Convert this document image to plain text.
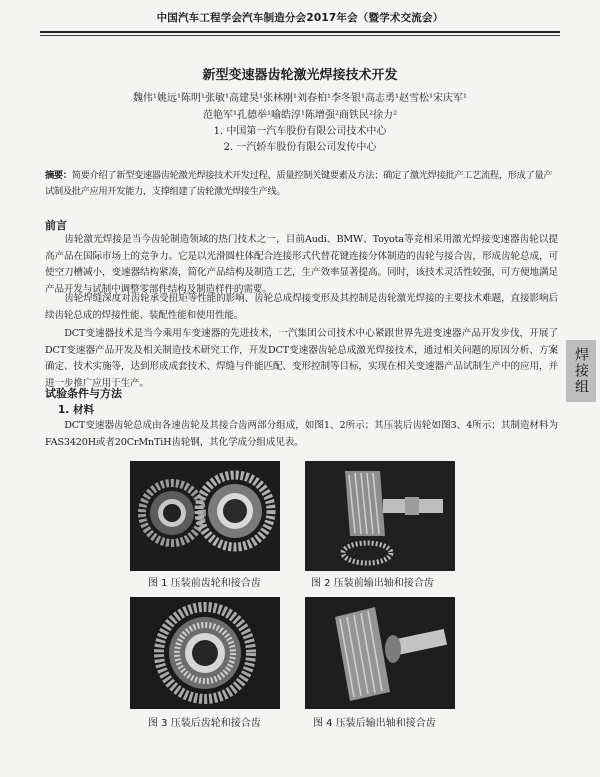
中国汽车工程学会汽车制造分会2017年会（暨学术交流会）
新型变速器齿轮激光焊接技术开发
魏伟¹姚远¹陈明¹张敏¹高建昊¹张林刚¹刘春柏¹李冬银¹高志勇¹赵雪松¹宋庆军¹
范艳军¹孔德举¹喻皓淳¹陈增强²商铁民²徐力²
1. 中国第一汽车股份有限公司技术中心
2. 一汽轿车股份有限公司发传中心
摘要：简要介绍了新型变速器齿轮激光焊接技术开发过程、质量控制关键要素及方法；确定了激光焊接批产工艺流程，形成了量产试制及批产应用开发能力，支撑组建了齿轮激光焊接生产线。
前言
齿轮激光焊接是当今齿轮制造领域的热门技术之一，目前Audi、BMW、Toyota等竞相采用激光焊接变速器齿轮以提高产品在国际市场上的竞争力。它是以光滑圆柱体配合连接形式代替花键连接分体制造的齿轮与接合齿，形成齿轮总成，可使空刀槽减小，变速器结构紧凑，简化产品结构及制造工艺，生产效率显著提高。同时，该技术灵活性较强，可方便地满足产品开发与试制中调整零部件结构及制造样件的需要。
齿轮焊缝深度对齿轮承受扭矩等性能的影响、齿轮总成焊接变形及其控制是齿轮激光焊接的主要技术难题，直接影响后续齿轮总成的焊接性能、装配性能和使用性能。
DCT变速器技术是当今乘用车变速器的先进技术，一汽集团公司技术中心紧跟世界先进变速器产品开发步伐，开展了DCT变速器产品开发及相关制造技术研究工作，开发DCT变速器齿轮总成激光焊接技术，通过相关问题的原因分析、方案确定、技术实施等，达到形成成套技术、焊缝与件能匹配、变形控制等目标，实现在相关变速器产品试制生产中的应用，并进一步推广应用于生产。	焊接组
试验条件与方法
1. 材料
DCT变速器齿轮总成由各速齿轮及其接合齿两部分组成，如图1、2所示；其压装后齿轮如图3、4所示；其制造材料为FAS3420H或者20CrMnTiH齿轮钢，其化学成分组成见表。
图 1 压装前齿轮和接合齿	图 2 压装前输出轴和接合齿
图 3 压装后齿轮和接合齿	图 4 压装后输出轴和接合齿
